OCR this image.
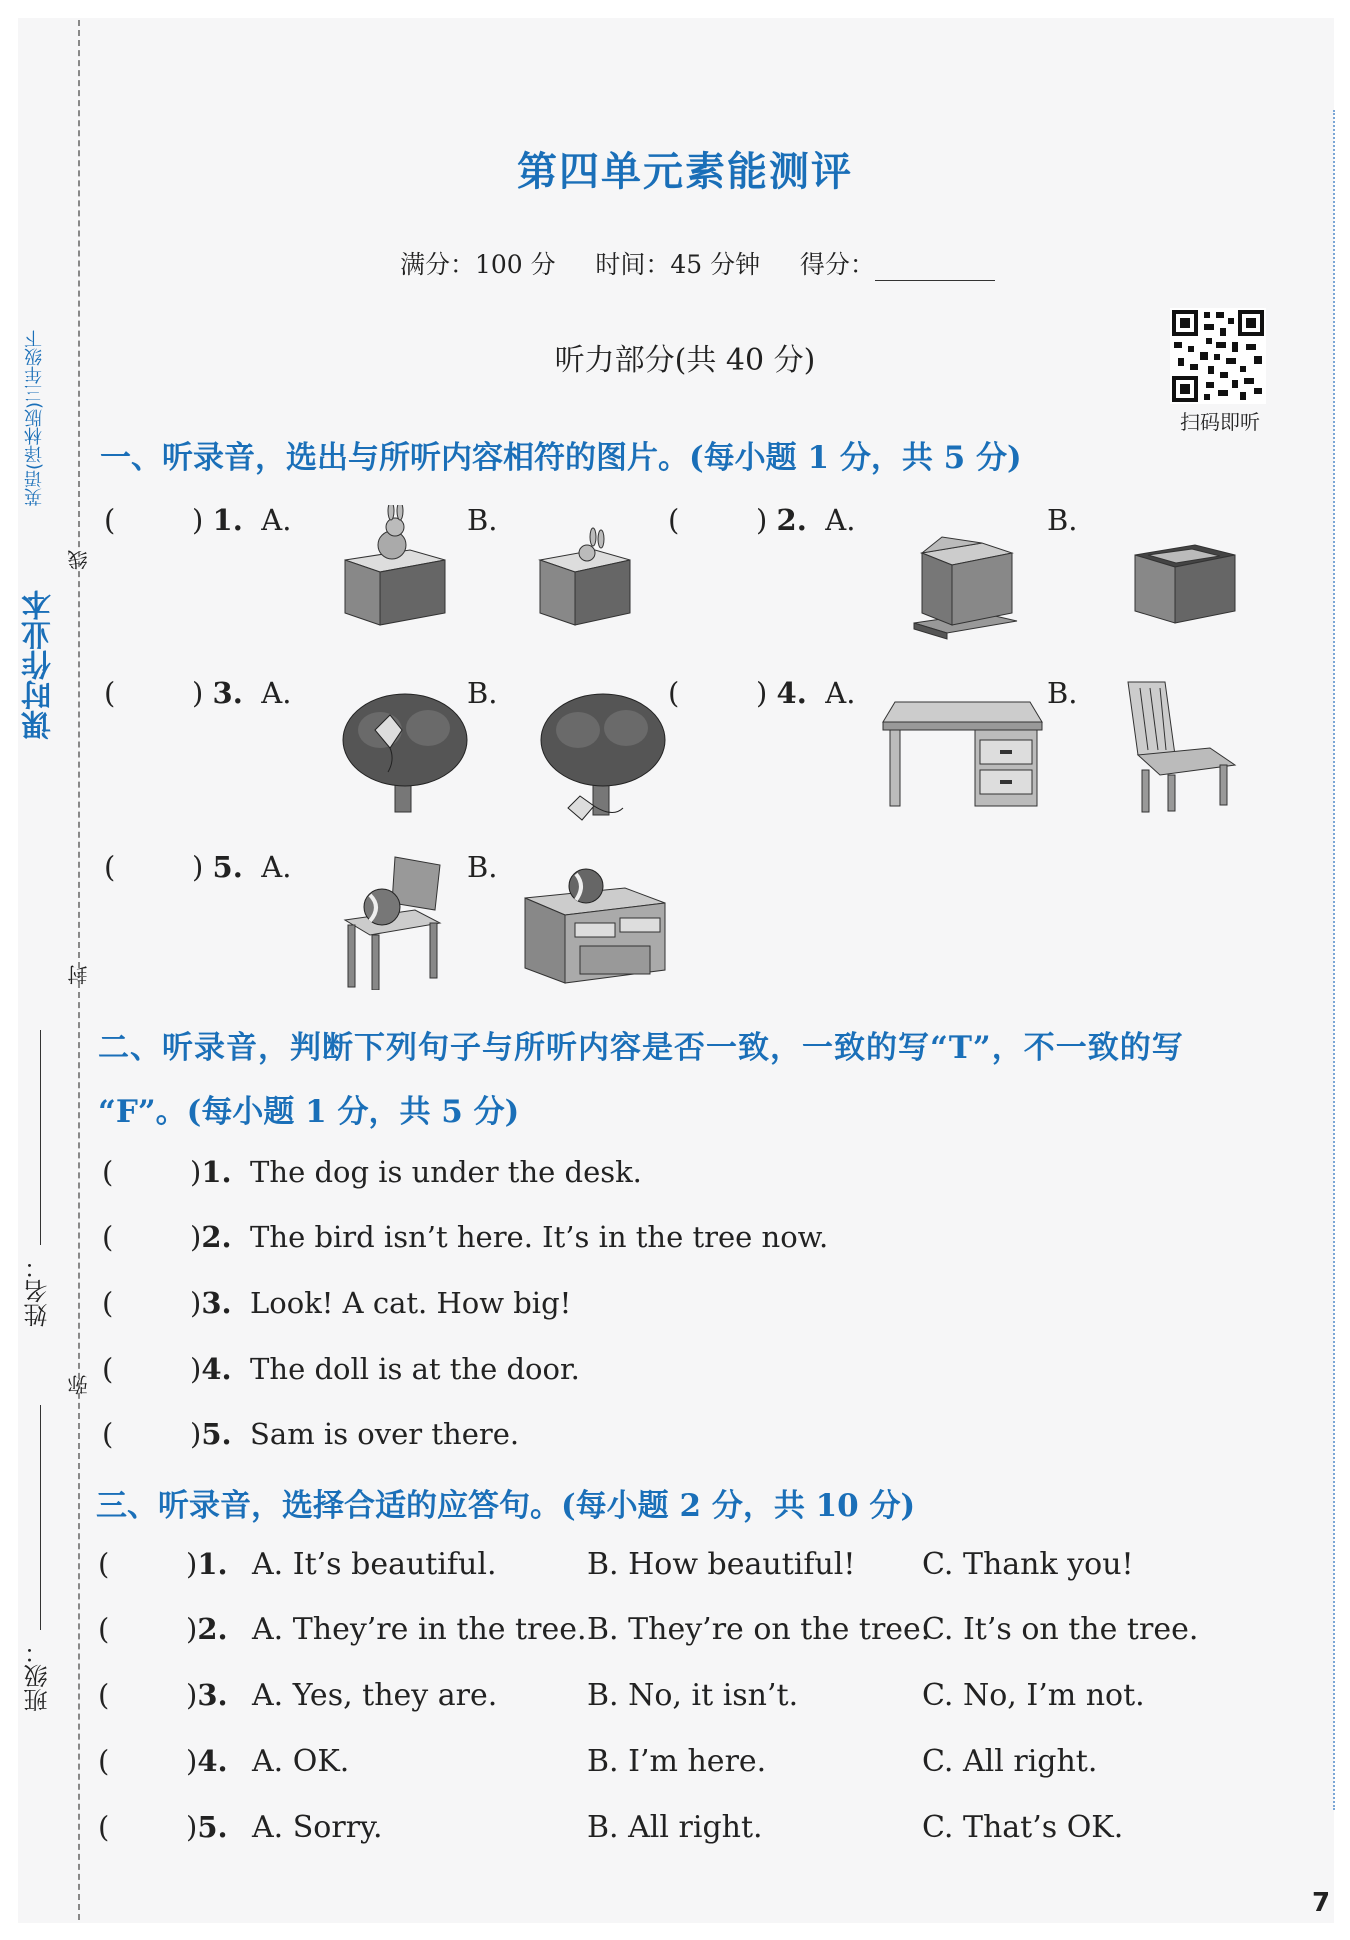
课时作业本
英语(译林版)三年级下
线
封
弥
姓名：
班级：
第四单元素能测评
满分：100 分 时间：45 分钟 得分：
听力部分(共 40 分)
扫码即听
一、听录音，选出与所听内容相符的图片。(每小题 1 分，共 5 分)
(	) 1. A.	B.	(	) 2. A.	B.
(	) 3. A.	B.	(	) 4. A.	B.
(	) 5. A.	B.
二、听录音，判断下列句子与所听内容是否一致，一致的写“T”，不一致的写
“F”。(每小题 1 分，共 5 分)
(	)1. The dog is under the desk.
(	)2. The bird isn’t here. It’s in the tree now.
(	)3. Look! A cat. How big!
(	)4. The doll is at the door.
(	)5. Sam is over there.
三、听录音，选择合适的应答句。(每小题 2 分，共 10 分)
(	)1. A. It’s beautiful.	B. How beautiful! C. Thank you!
(	)2. A. They’re in the tree. B. They’re on the tree.
C. It’s on the tree.
(	)3. A. Yes, they are.	B. No, it isn’t.	C. No, I’m not.
(	)4. A. OK.	B. I’m here.	C. All right.
(	)5. A. Sorry.	B. All right.	C. That’s OK.
7
